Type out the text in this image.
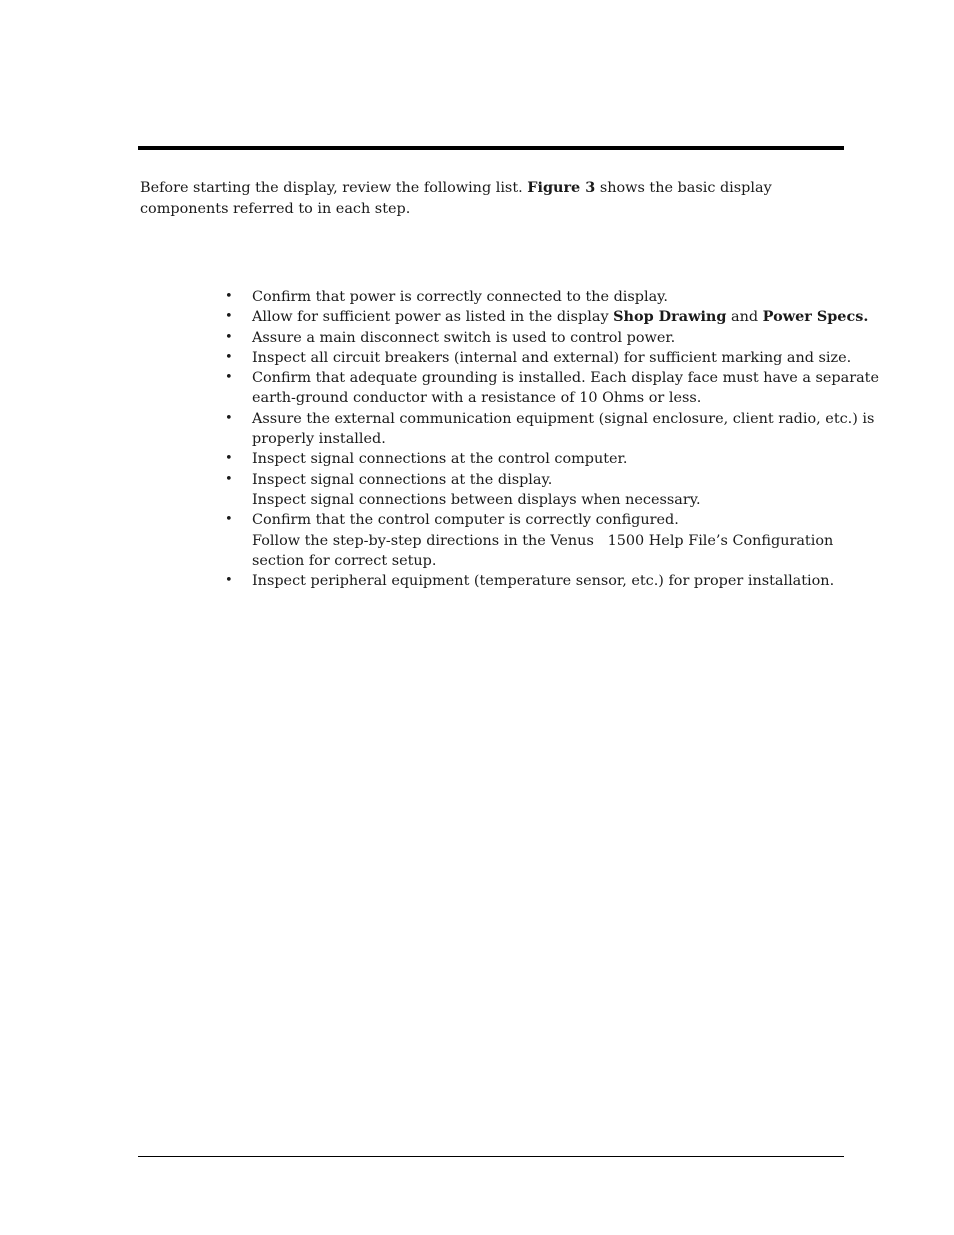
Before starting the display, review the following list. Figure 3 shows the basic display components referred to in each step.

• Confirm that power is correctly connected to the display.
• Allow for sufficient power as listed in the display Shop Drawing and Power Specs.
• Assure a main disconnect switch is used to control power.
• Inspect all circuit breakers (internal and external) for sufficient marking and size.
• Confirm that adequate grounding is installed. Each display face must have a separate
earth-ground conductor with a resistance of 10 Ohms or less.
• Assure the external communication equipment (signal enclosure, client radio, etc.) is
properly installed.
• Inspect signal connections at the control computer.
• Inspect signal connections at the display.
Inspect signal connections between displays when necessary.
• Confirm that the control computer is correctly configured.
Follow the step-by-step directions in the Venus   1500 Help File’s Configuration
section for correct setup.
• Inspect peripheral equipment (temperature sensor, etc.) for proper installation.
